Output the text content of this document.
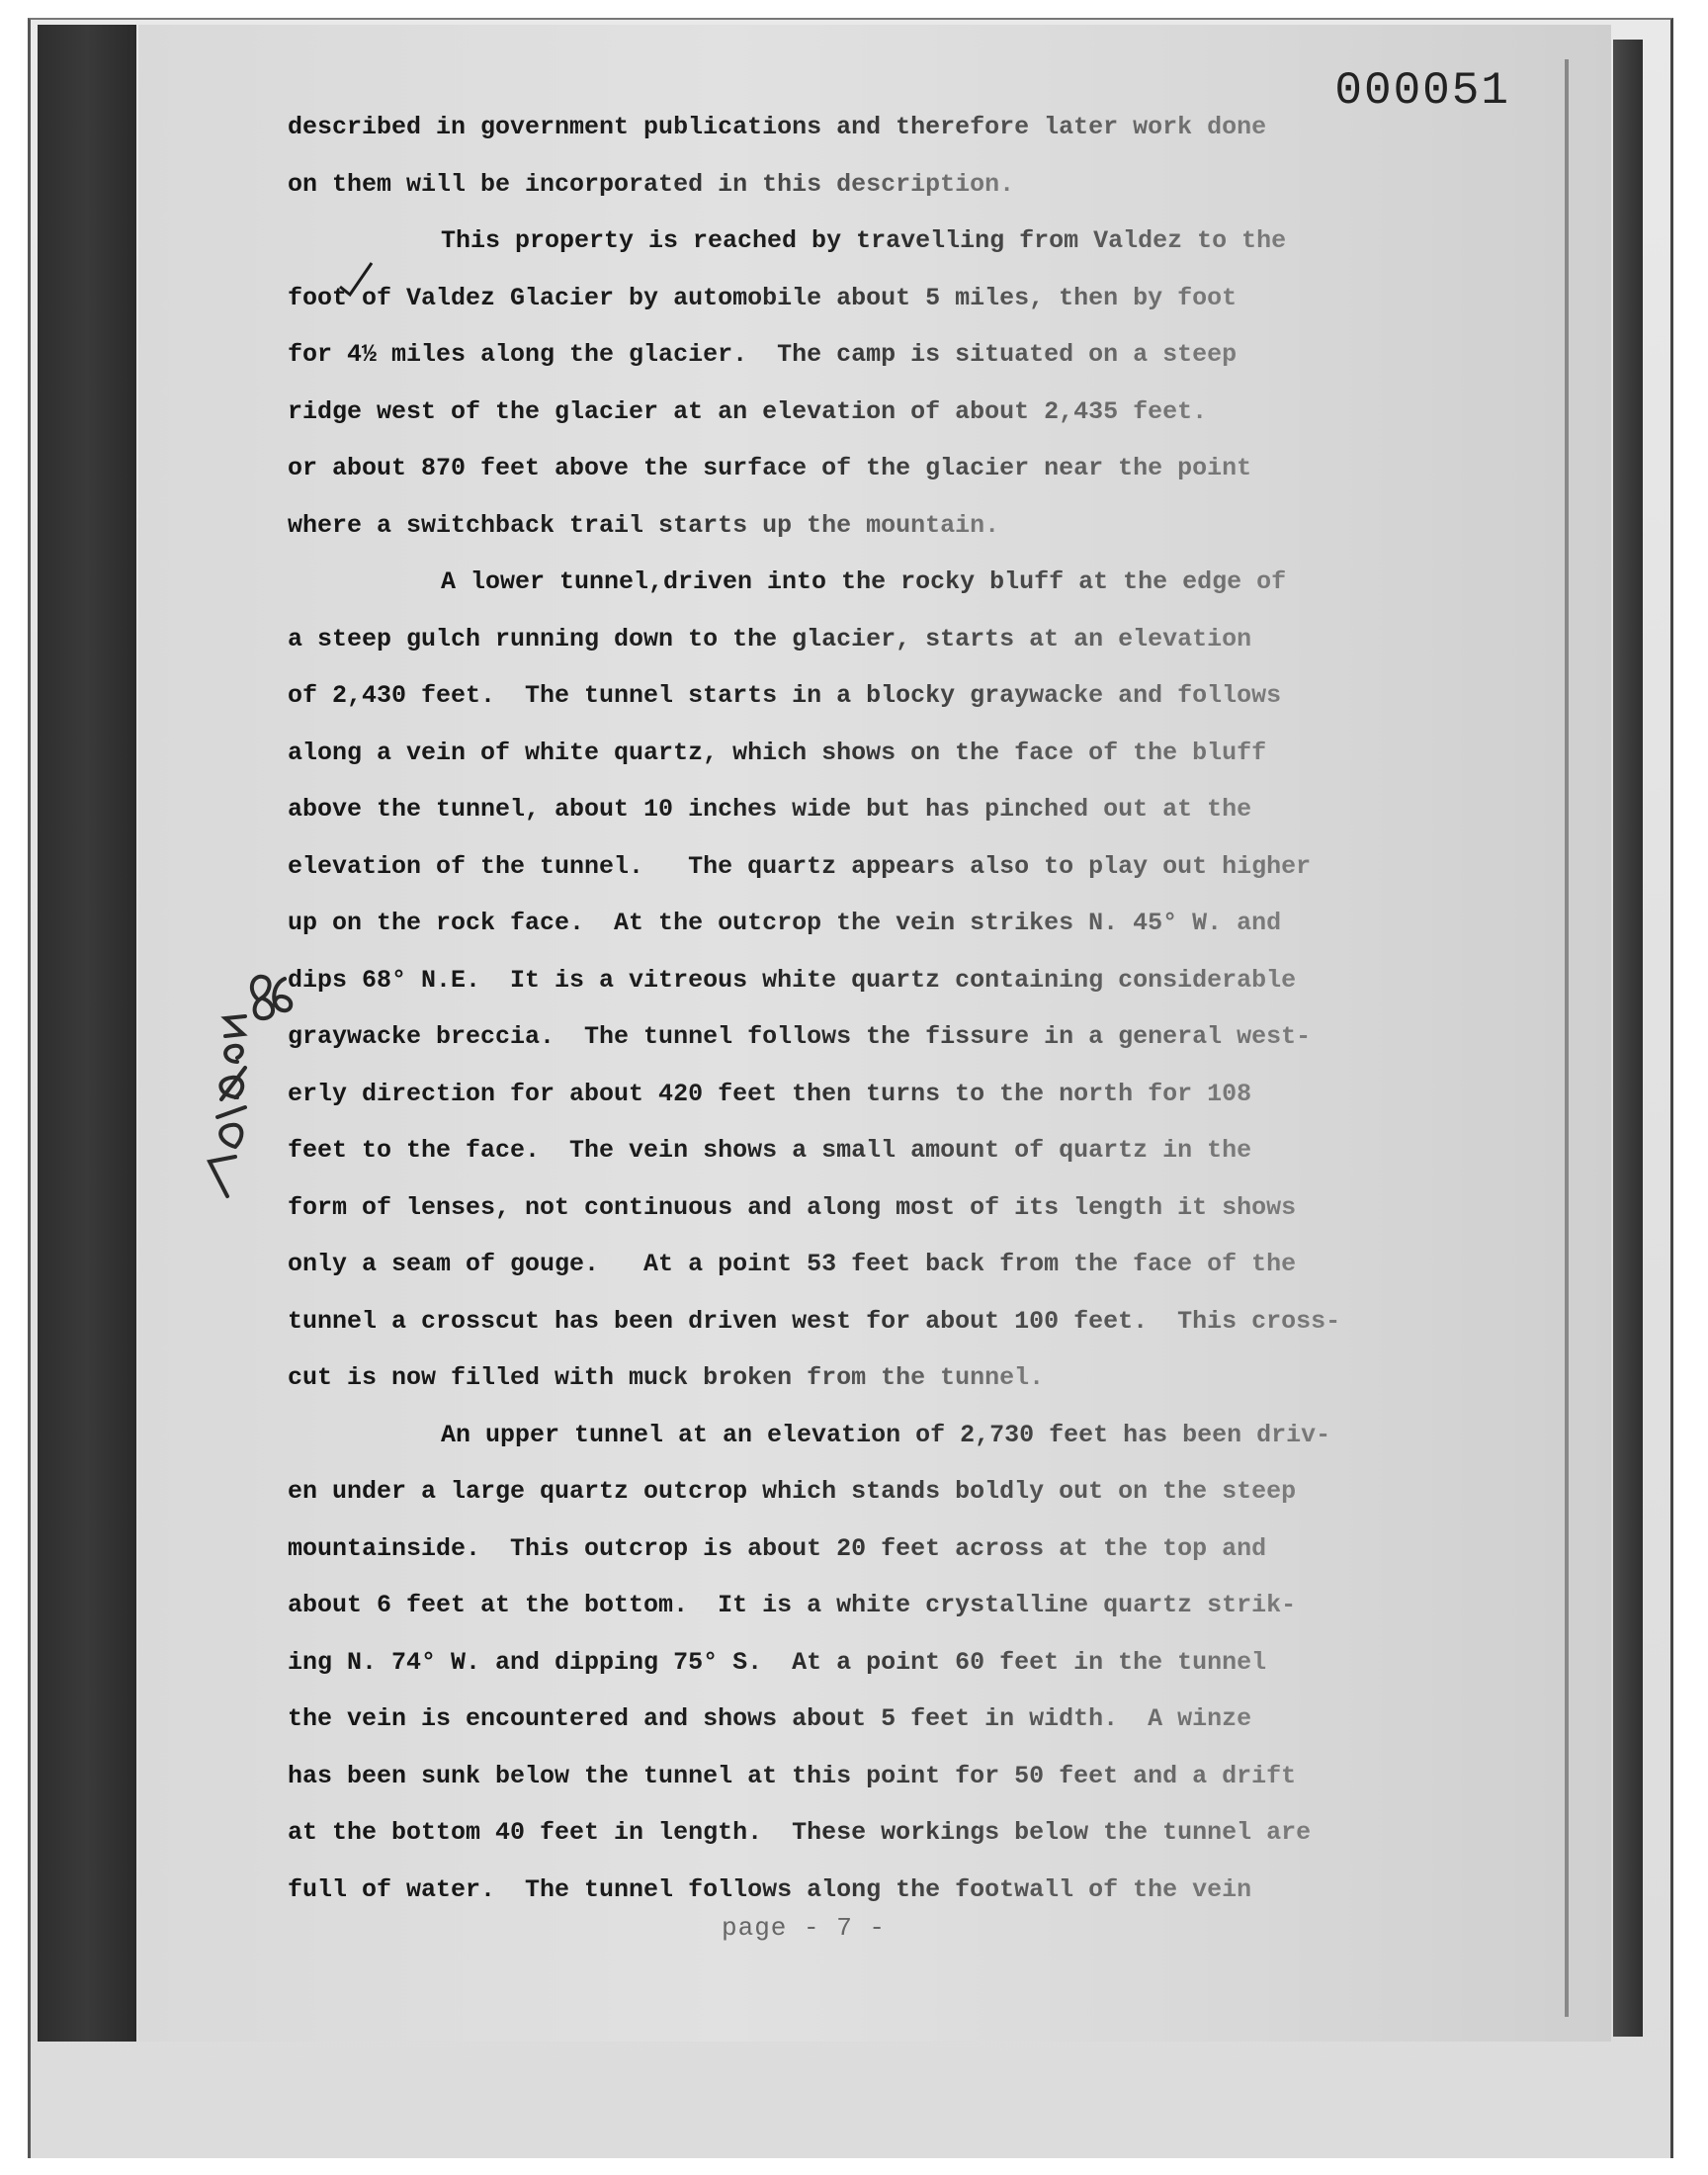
000051
described in government publications and therefore later work done
on them will be incorporated in this description.
This property is reached by travelling from Valdez to the
foot of Valdez Glacier by automobile about 5 miles, then by foot
for 4½ miles along the glacier.  The camp is situated on a steep
ridge west of the glacier at an elevation of about 2,435 feet.
or about 870 feet above the surface of the glacier near the point
where a switchback trail starts up the mountain.
A lower tunnel,driven into the rocky bluff at the edge of
a steep gulch running down to the glacier, starts at an elevation
of 2,430 feet.  The tunnel starts in a blocky graywacke and follows
along a vein of white quartz, which shows on the face of the bluff
above the tunnel, about 10 inches wide but has pinched out at the
elevation of the tunnel.   The quartz appears also to play out higher
up on the rock face.  At the outcrop the vein strikes N. 45° W. and
dips 68° N.E.  It is a vitreous white quartz containing considerable
graywacke breccia.  The tunnel follows the fissure in a general west-
erly direction for about 420 feet then turns to the north for 108
feet to the face.  The vein shows a small amount of quartz in the
form of lenses, not continuous and along most of its length it shows
only a seam of gouge.   At a point 53 feet back from the face of the
tunnel a crosscut has been driven west for about 100 feet.  This cross-
cut is now filled with muck broken from the tunnel.
An upper tunnel at an elevation of 2,730 feet has been driv-
en under a large quartz outcrop which stands boldly out on the steep
mountainside.  This outcrop is about 20 feet across at the top and
about 6 feet at the bottom.  It is a white crystalline quartz strik-
ing N. 74° W. and dipping 75° S.  At a point 60 feet in the tunnel
the vein is encountered and shows about 5 feet in width.  A winze
has been sunk below the tunnel at this point for 50 feet and a drift
at the bottom 40 feet in length.  These workings below the tunnel are
full of water.  The tunnel follows along the footwall of the vein
page - 7 -
